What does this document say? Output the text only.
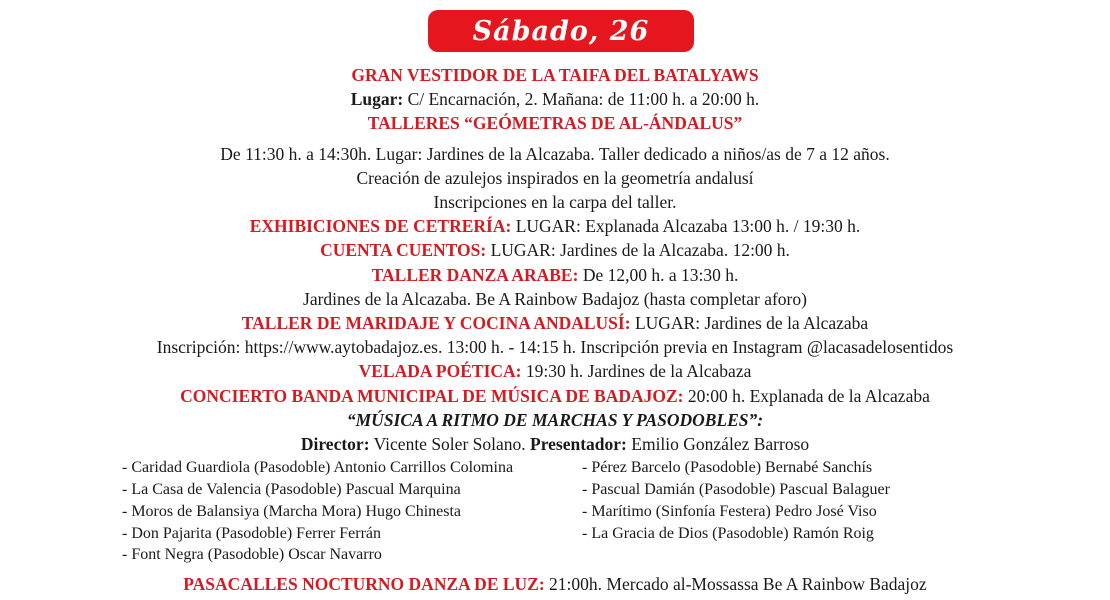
Sábado, 26
GRAN VESTIDOR DE LA TAIFA DEL BATALYAWS
Lugar: C/ Encarnación, 2. Mañana: de 11:00 h. a 20:00 h.
TALLERES “GEÓMETRAS DE AL-ÁNDALUS”
De 11:30 h. a 14:30h. Lugar: Jardines de la Alcazaba. Taller dedicado a niños/as de 7 a 12 años.
Creación de azulejos inspirados en la geometría andalusí
Inscripciones en la carpa del taller.
EXHIBICIONES DE CETRERÍA: LUGAR: Explanada Alcazaba 13:00 h. / 19:30 h.
CUENTA CUENTOS: LUGAR: Jardines de la Alcazaba. 12:00 h.
TALLER DANZA ARABE: De 12,00 h. a 13:30 h.
Jardines de la Alcazaba. Be A Rainbow Badajoz (hasta completar aforo)
TALLER DE MARIDAJE Y COCINA ANDALUSÍ: LUGAR: Jardines de la Alcazaba
Inscripción: https://www.aytobadajoz.es. 13:00 h. - 14:15 h. Inscripción previa en Instagram @lacasadelosentidos
VELADA POÉTICA: 19:30 h. Jardines de la Alcabaza
CONCIERTO BANDA MUNICIPAL DE MÚSICA DE BADAJOZ: 20:00 h. Explanada de la Alcazaba
“MÚSICA A RITMO DE MARCHAS Y PASODOBLES”:
Director: Vicente Soler Solano. Presentador: Emilio González Barroso
- Caridad Guardiola (Pasodoble) Antonio Carrillos Colomina
- La Casa de Valencia (Pasodoble) Pascual Marquina
- Moros de Balansiya (Marcha Mora) Hugo Chinesta
- Don Pajarita (Pasodoble) Ferrer Ferrán
- Font Negra (Pasodoble) Oscar Navarro
- Pérez Barcelo (Pasodoble) Bernabé Sanchís
- Pascual Damián (Pasodoble) Pascual Balaguer
- Marítimo (Sinfonía Festera) Pedro José Viso
- La Gracia de Dios (Pasodoble) Ramón Roig
PASACALLES NOCTURNO DANZA DE LUZ: 21:00h. Mercado al-Mossassa Be A Rainbow Badajoz
